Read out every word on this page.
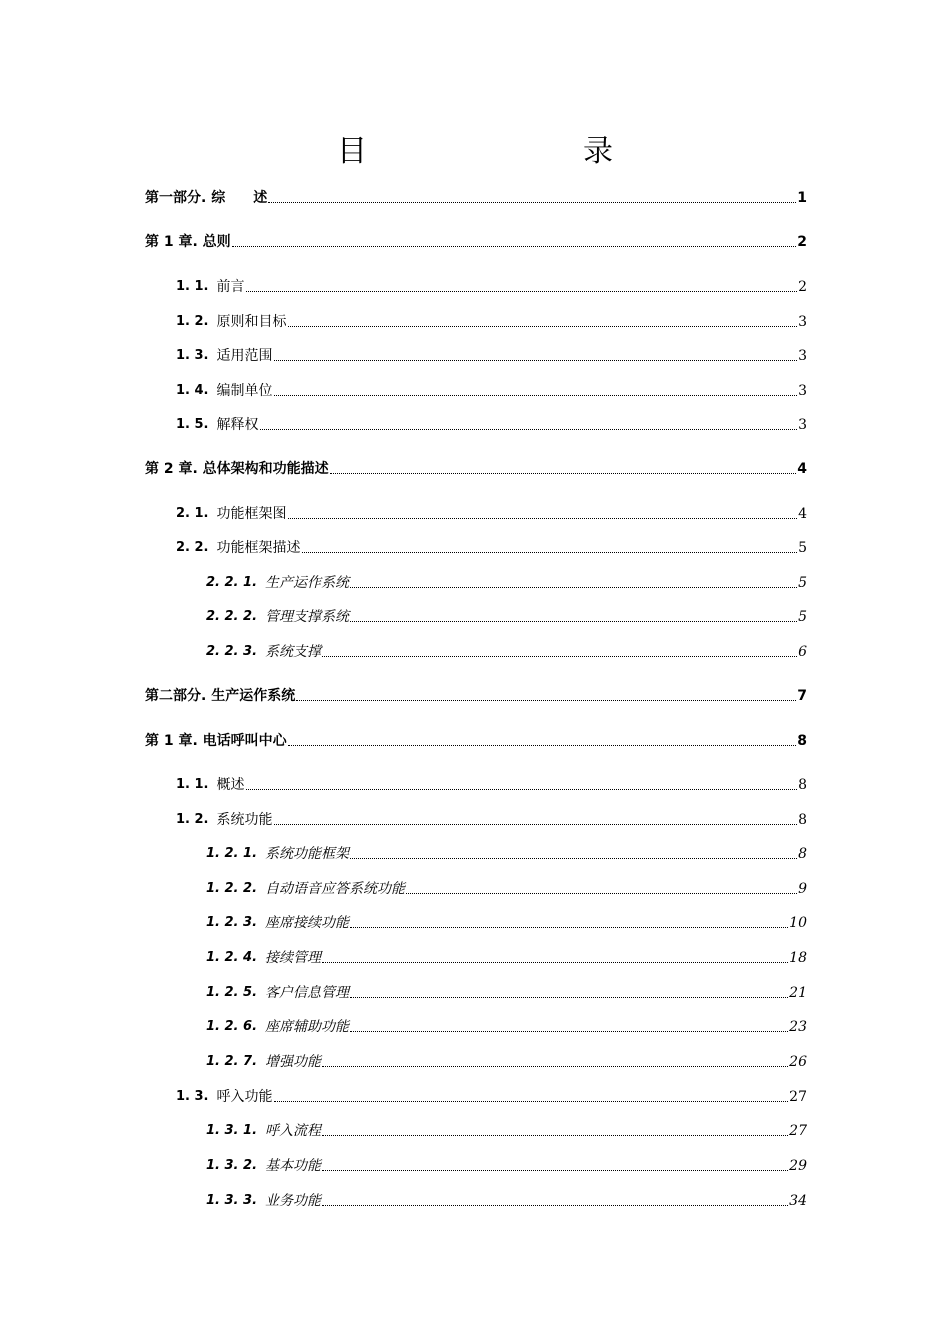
目　　录
第一部分. 综　　述	1
第 1 章. 总则	2
1. 1. 前言	2
1. 2. 原则和目标	3
1. 3. 适用范围	3
1. 4. 编制单位	3
1. 5. 解释权	3
第 2 章. 总体架构和功能描述	4
2. 1. 功能框架图	4
2. 2. 功能框架描述	5
2. 2. 1. 生产运作系统	5
2. 2. 2. 管理支撑系统	5
2. 2. 3. 系统支撑	6
第二部分. 生产运作系统	7
第 1 章. 电话呼叫中心	8
1. 1. 概述	8
1. 2. 系统功能	8
1. 2. 1. 系统功能框架	8
1. 2. 2. 自动语音应答系统功能	9
1. 2. 3. 座席接续功能	10
1. 2. 4. 接续管理	18
1. 2. 5. 客户信息管理	21
1. 2. 6. 座席辅助功能	23
1. 2. 7. 增强功能	26
1. 3. 呼入功能	27
1. 3. 1. 呼入流程	27
1. 3. 2. 基本功能	29
1. 3. 3. 业务功能	34
